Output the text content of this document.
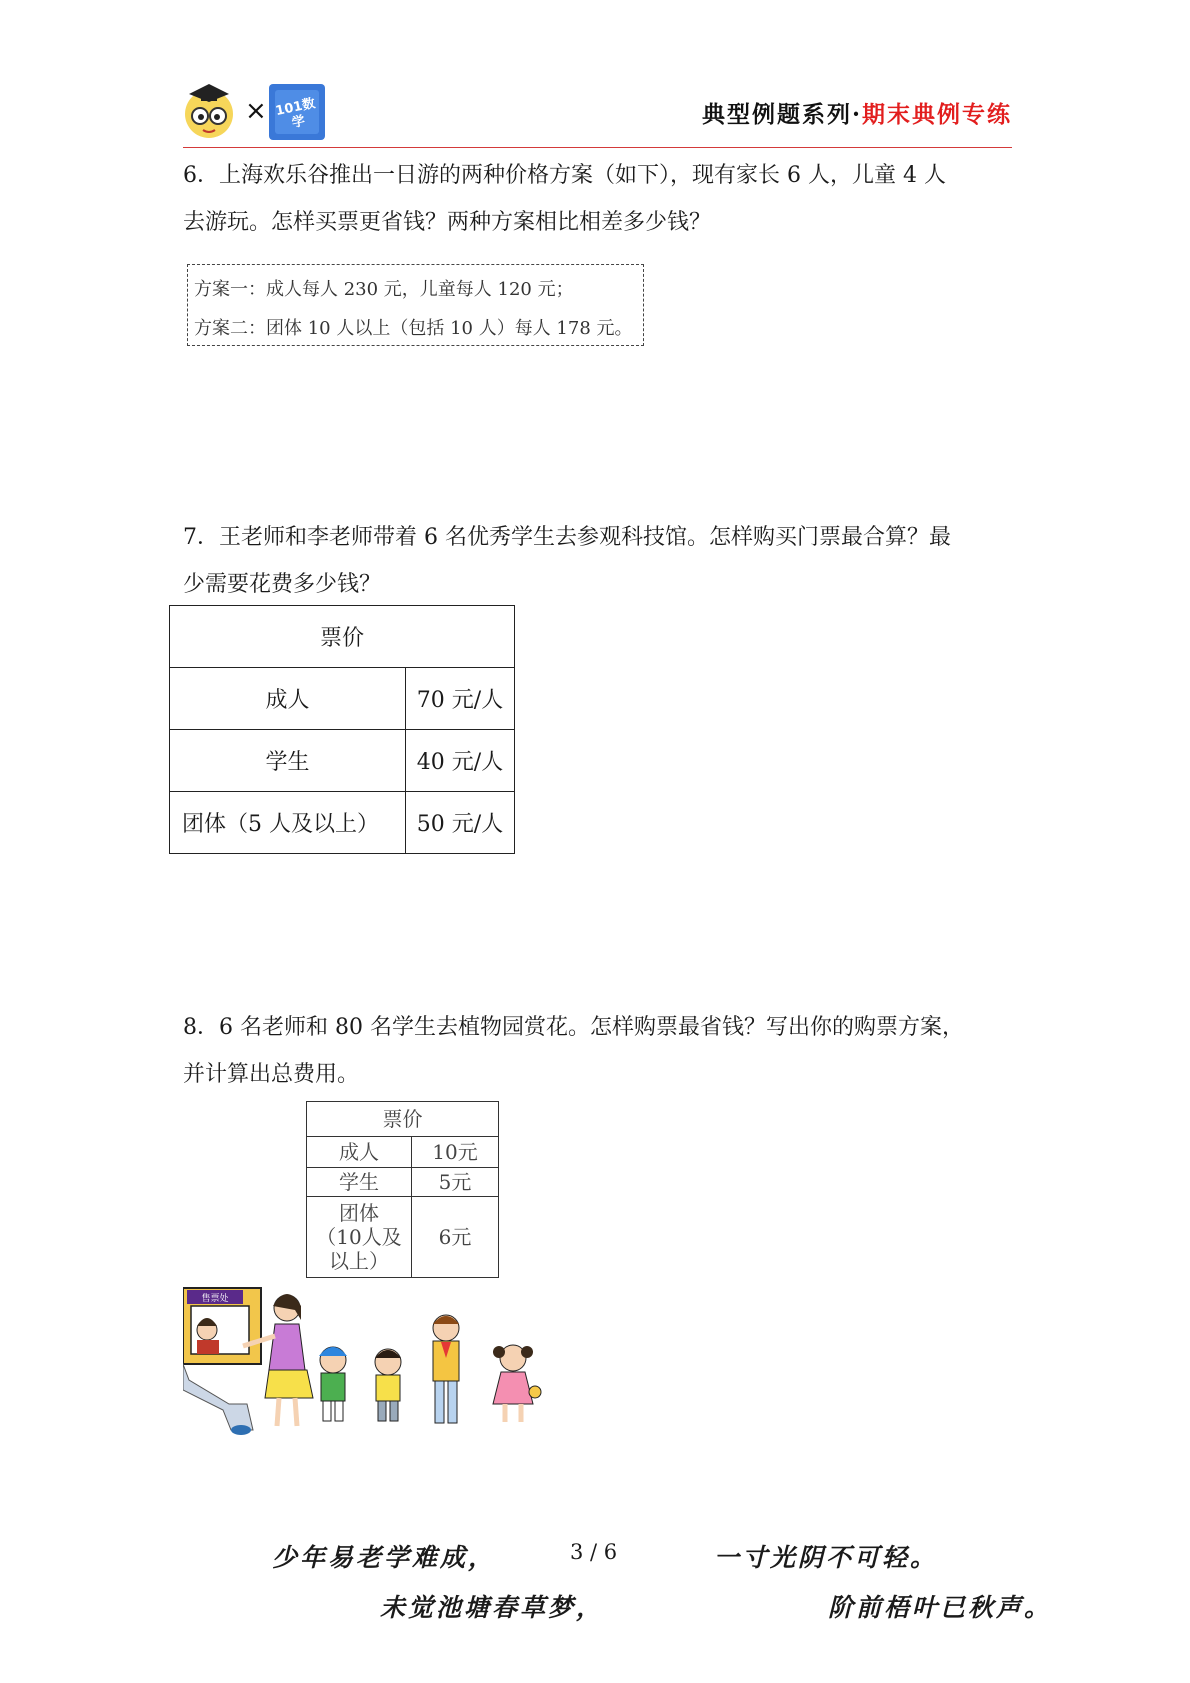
101数学
×	典型例题系列·期末典例专练
6．上海欢乐谷推出一日游的两种价格方案（如下），现有家长 6 人，儿童 4 人
去游玩。怎样买票更省钱？两种方案相比相差多少钱？
方案一：成人每人 230 元，儿童每人 120 元；
方案二：团体 10 人以上（包括 10 人）每人 178 元。
7．王老师和李老师带着 6 名优秀学生去参观科技馆。怎样购买门票最合算？最
少需要花费多少钱？
票价	
成人	70 元/人
学生	40 元/人
团体（5 人及以上）	50 元/人
8．6 名老师和 80 名学生去植物园赏花。怎样购票最省钱？写出你的购票方案，
并计算出总费用。
票价	
成人	10元
学生	5元

团体
（10人及
以上）	6元
售票处
少年易老学难成，	3 / 6	一寸光阴不可轻。
未觉池塘春草梦，	阶前梧叶已秋声。
